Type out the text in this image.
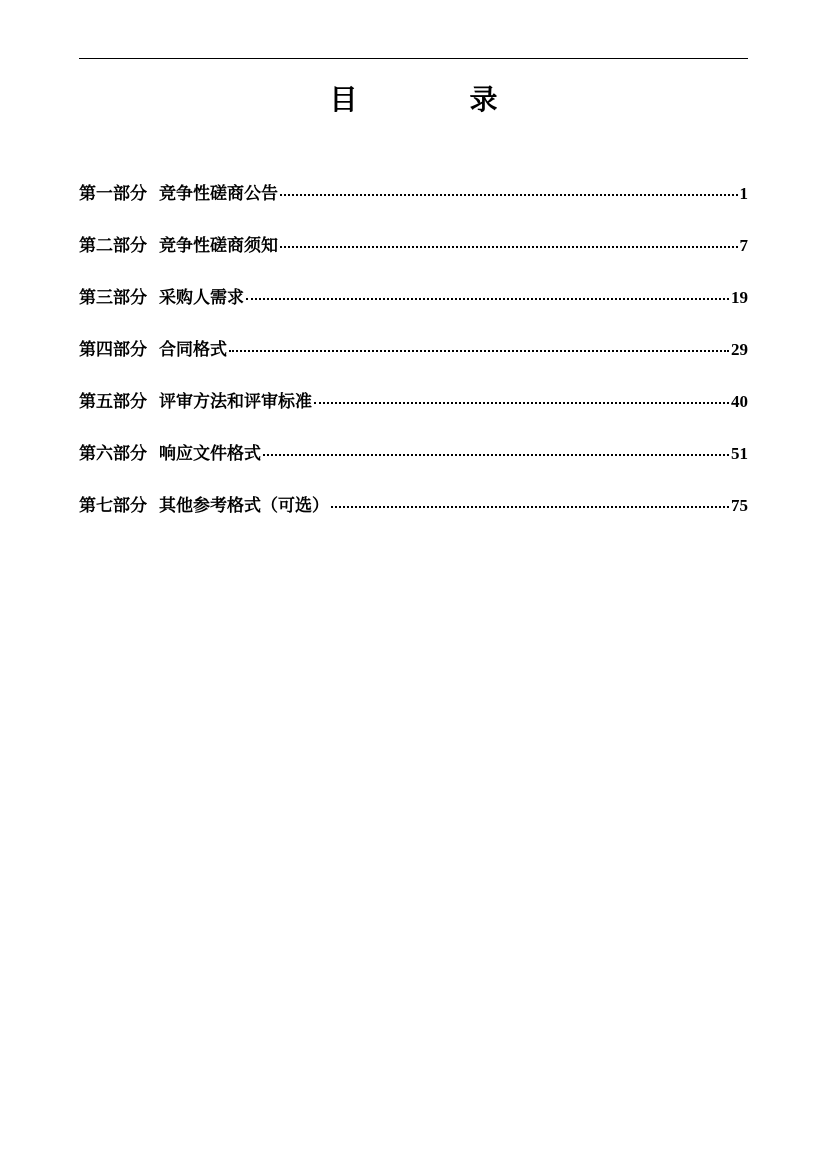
目　　　　录
第一部分 竞争性磋商公告	1
第二部分 竞争性磋商须知	7
第三部分 采购人需求	19
第四部分 合同格式	29
第五部分 评审方法和评审标准	40
第六部分 响应文件格式	51
第七部分 其他参考格式（可选）	75
